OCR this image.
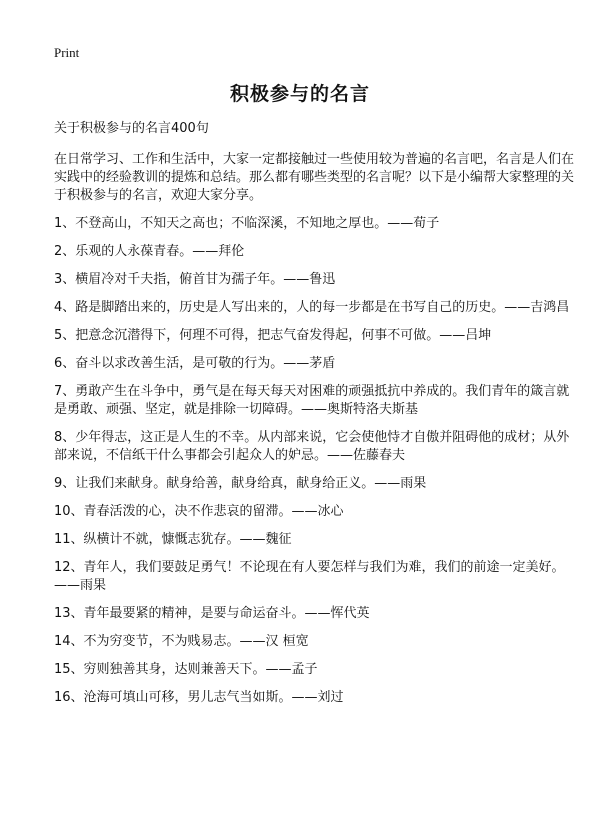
Print
积极参与的名言
关于积极参与的名言400句

在日常学习、工作和生活中，大家一定都接触过一些使用较为普遍的名言吧，名言是人们在实践中的经验教训的提炼和总结。那么都有哪些类型的名言呢？以下是小编帮大家整理的关于积极参与的名言，欢迎大家分享。

1、不登高山，不知天之高也；不临深溪，不知地之厚也。——荀子

2、乐观的人永葆青春。——拜伦

3、横眉冷对千夫指，俯首甘为孺子年。——鲁迅

4、路是脚踏出来的，历史是人写出来的，人的每一步都是在书写自己的历史。——吉鸿昌

5、把意念沉潜得下，何理不可得，把志气奋发得起，何事不可做。——吕坤

6、奋斗以求改善生活，是可敬的行为。——茅盾

7、勇敢产生在斗争中，勇气是在每天每天对困难的顽强抵抗中养成的。我们青年的箴言就是勇敢、顽强、坚定，就是排除一切障碍。——奥斯特洛夫斯基

8、少年得志，这正是人生的不幸。从内部来说，它会使他恃才自傲并阻碍他的成材；从外部来说，不信纸干什么事都会引起众人的妒忌。——佐藤春夫

9、让我们来献身。献身给善，献身给真，献身给正义。——雨果

10、青春活泼的心，决不作悲哀的留滞。——冰心

11、纵横计不就，慷慨志犹存。——魏征

12、青年人，我们要鼓足勇气！不论现在有人要怎样与我们为难，我们的前途一定美好。——雨果

13、青年最要紧的精神，是要与命运奋斗。——恽代英

14、不为穷变节，不为贱易志。——汉 桓宽

15、穷则独善其身，达则兼善天下。——孟子

16、沧海可填山可移，男儿志气当如斯。——刘过
